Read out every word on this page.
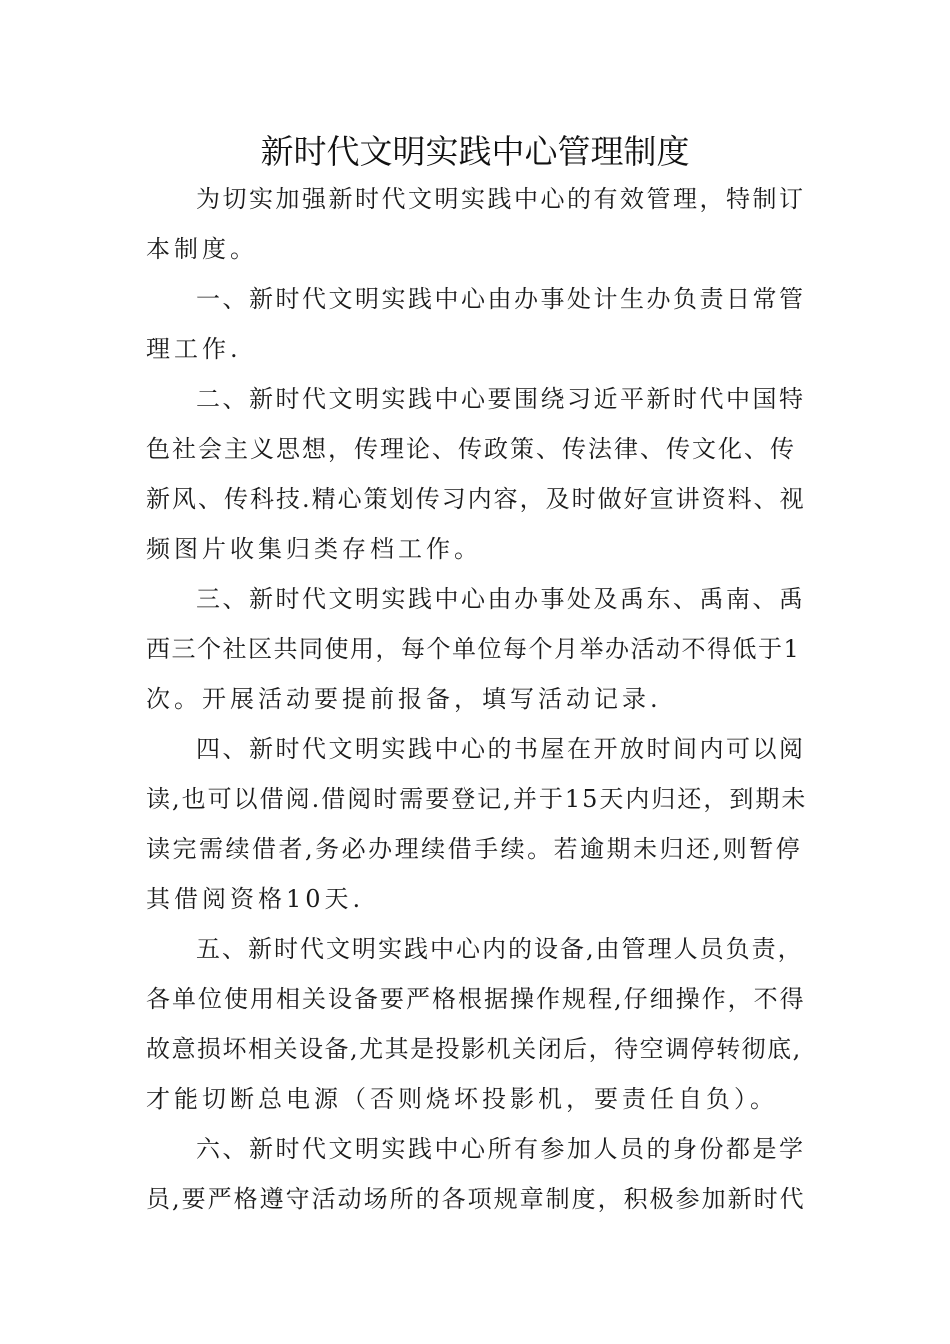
新时代文明实践中心管理制度
为切实加强新时代文明实践中心的有效管理，特制订
本制度。
一、新时代文明实践中心由办事处计生办负责日常管
理工作.
二、新时代文明实践中心要围绕习近平新时代中国特
色社会主义思想，传理论、传政策、传法律、传文化、传
新风、传科技.精心策划传习内容，及时做好宣讲资料、视
频图片收集归类存档工作。
三、新时代文明实践中心由办事处及禹东、禹南、禹
西三个社区共同使用，每个单位每个月举办活动不得低于1
次。开展活动要提前报备，填写活动记录.
四、新时代文明实践中心的书屋在开放时间内可以阅
读,也可以借阅.借阅时需要登记,并于15天内归还，到期未
读完需续借者,务必办理续借手续。若逾期未归还,则暂停
其借阅资格10天.
五、新时代文明实践中心内的设备,由管理人员负责，
各单位使用相关设备要严格根据操作规程,仔细操作，不得
故意损坏相关设备,尤其是投影机关闭后，待空调停转彻底,
才能切断总电源（否则烧坏投影机，要责任自负）。
六、新时代文明实践中心所有参加人员的身份都是学
员,要严格遵守活动场所的各项规章制度，积极参加新时代
